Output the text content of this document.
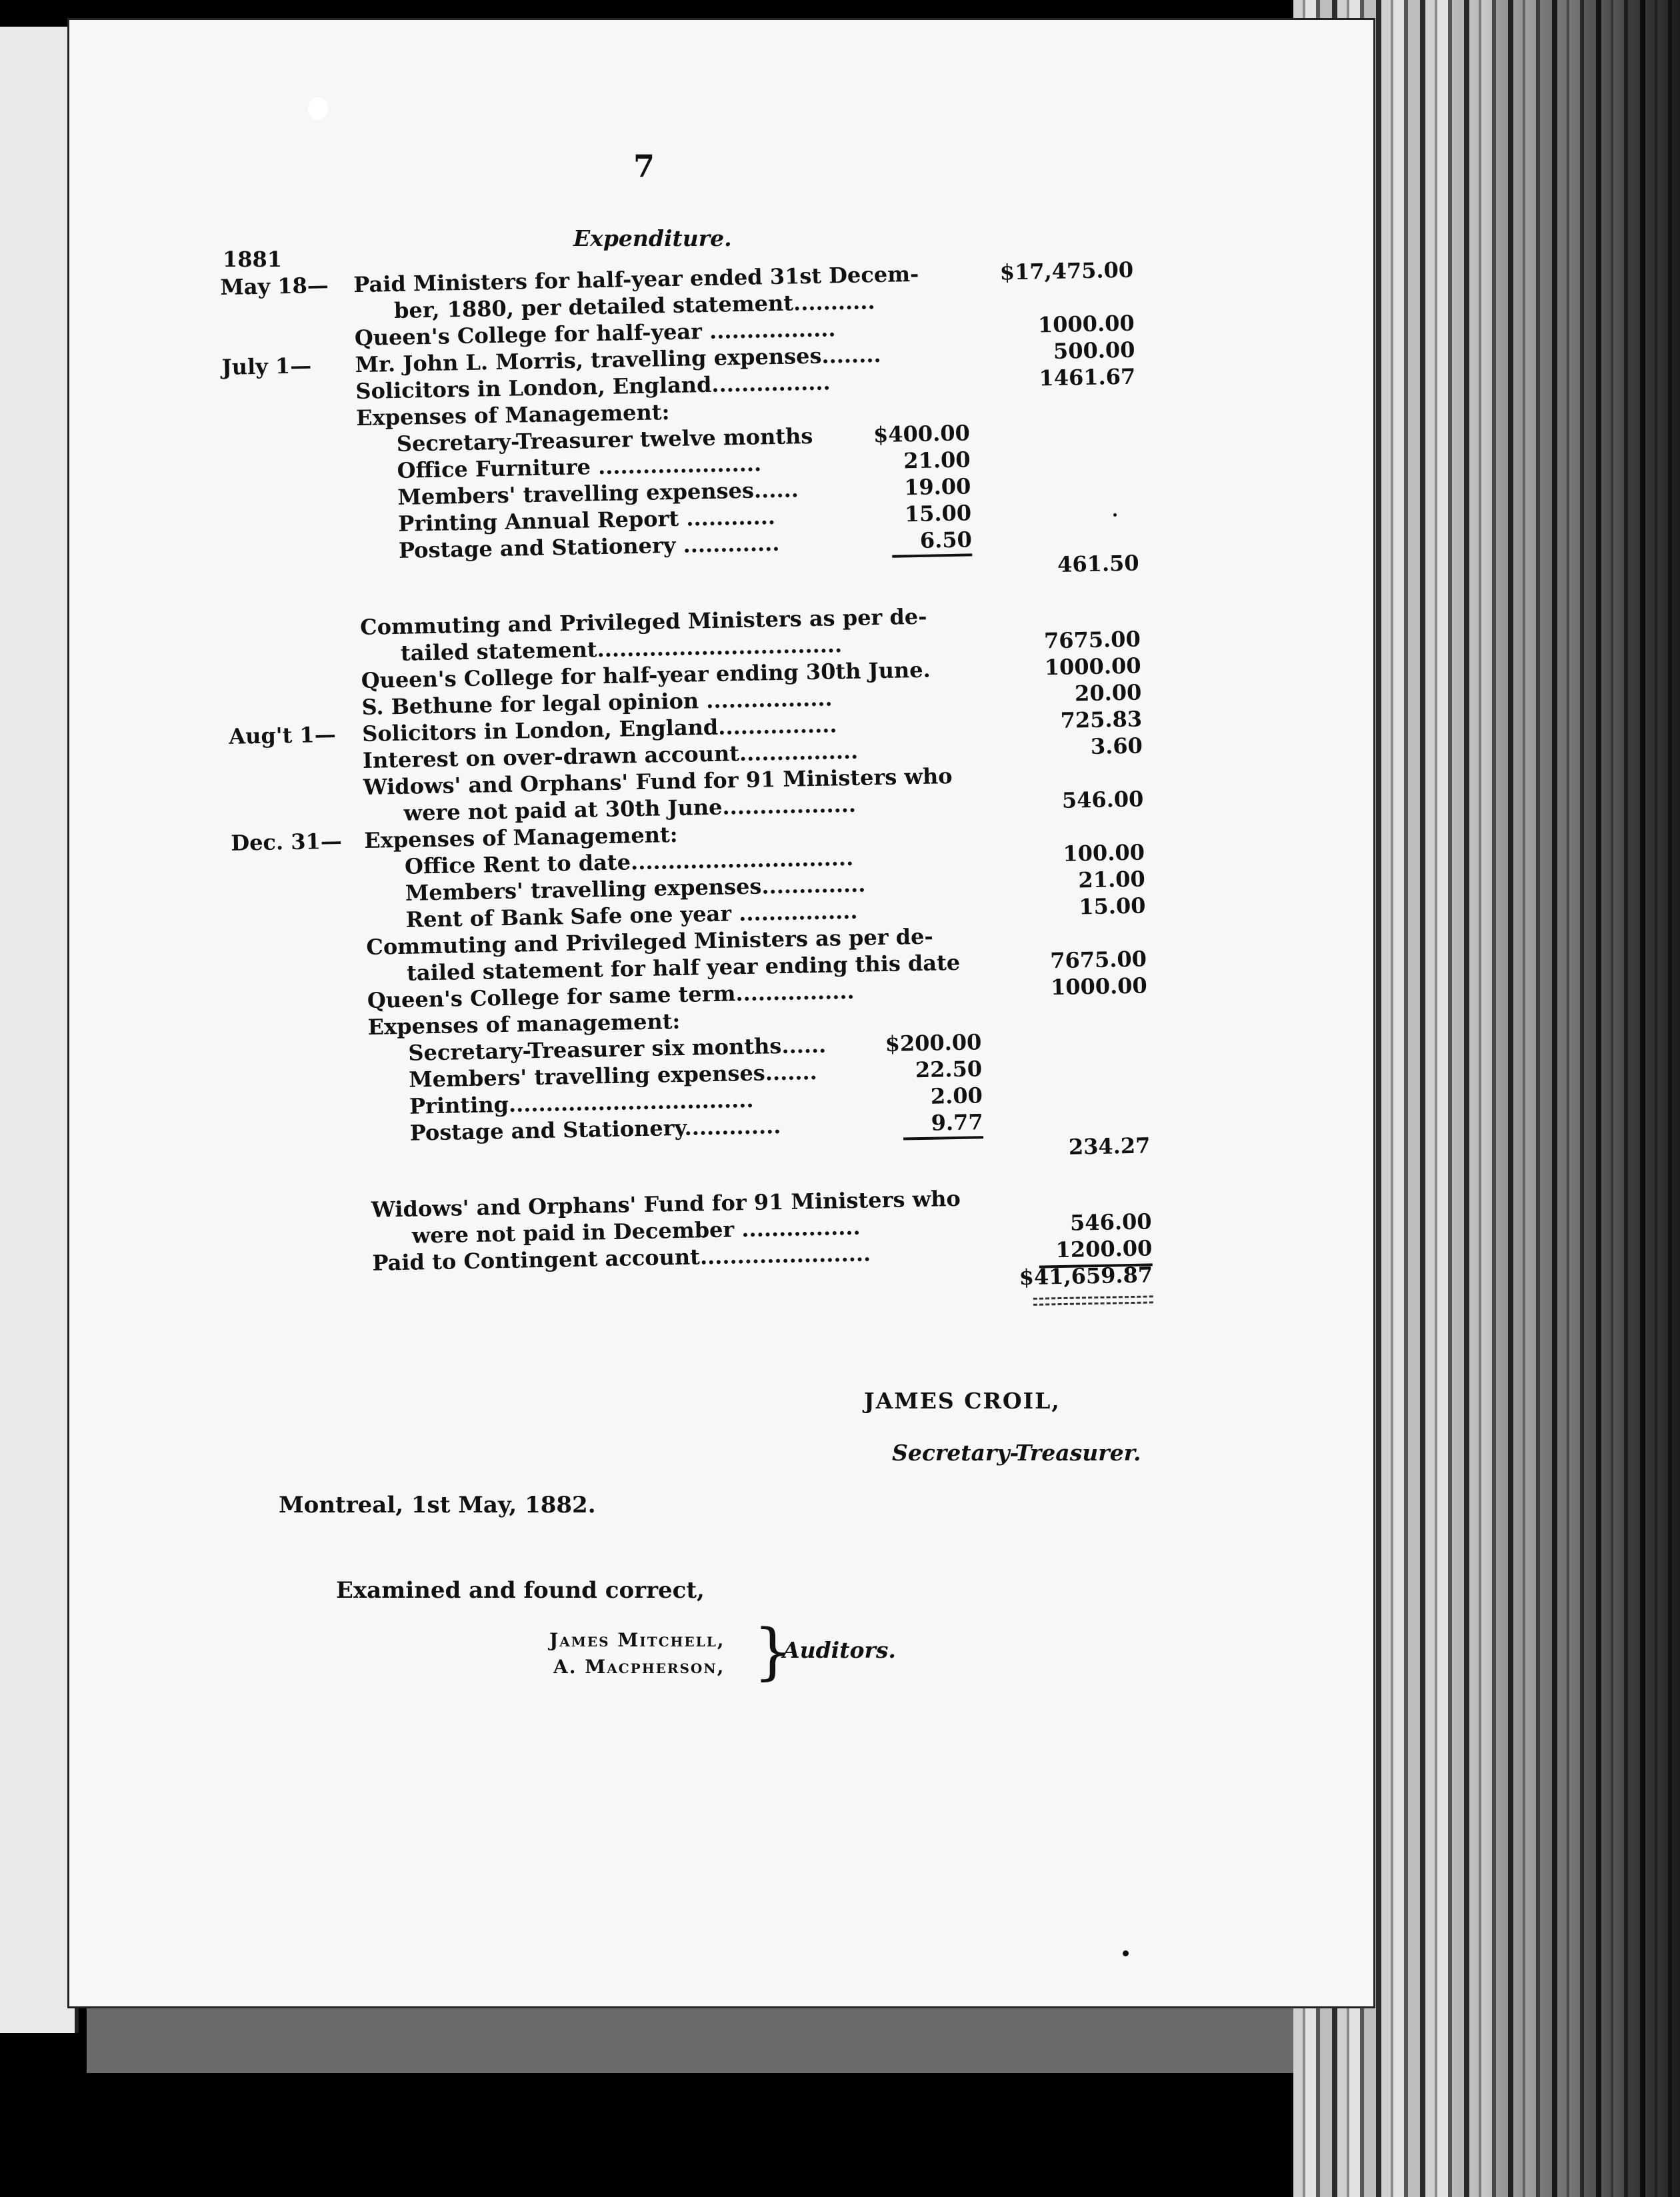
7
Expenditure.
1881
May 18— Paid Ministers for half-year ended 31st Decem-	$17,475.00
ber, 1880, per detailed statement...........
Queen's College for half-year .................	1000.00
July 1— Mr. John L. Morris, travelling expenses........	500.00
Solicitors in London, England................	1461.67
Expenses of Management:
Secretary-Treasurer twelve months	$400.00
Office Furniture ......................	21.00
Members' travelling expenses......	19.00
Printing Annual Report ............	15.00
Postage and Stationery .............	6.50
461.50
Commuting and Privileged Ministers as per de-
tailed statement.................................	7675.00
Queen's College for half-year ending 30th June.	1000.00
S. Bethune for legal opinion .................	20.00
Aug't 1— Solicitors in London, England................	725.83
Interest on over-drawn account................	3.60
Widows' and Orphans' Fund for 91 Ministers who
were not paid at 30th June..................	546.00
Dec. 31— Expenses of Management:
Office Rent to date..............................	100.00
Members' travelling expenses..............	21.00
Rent of Bank Safe one year ................	15.00
Commuting and Privileged Ministers as per de-
tailed statement for half year ending this date	7675.00
Queen's College for same term................	1000.00
Expenses of management:
Secretary-Treasurer six months......	$200.00
Members' travelling expenses.......	22.50
Printing.................................	2.00
Postage and Stationery.............	9.77
234.27
Widows' and Orphans' Fund for 91 Ministers who
were not paid in December ................	546.00
Paid to Contingent account.......................	1200.00
$41,659.87
JAMES CROIL,
Secretary-Treasurer.
Montreal, 1st May, 1882.
Examined and found correct,
James Mitchell,
A. Macpherson, }
Auditors.
